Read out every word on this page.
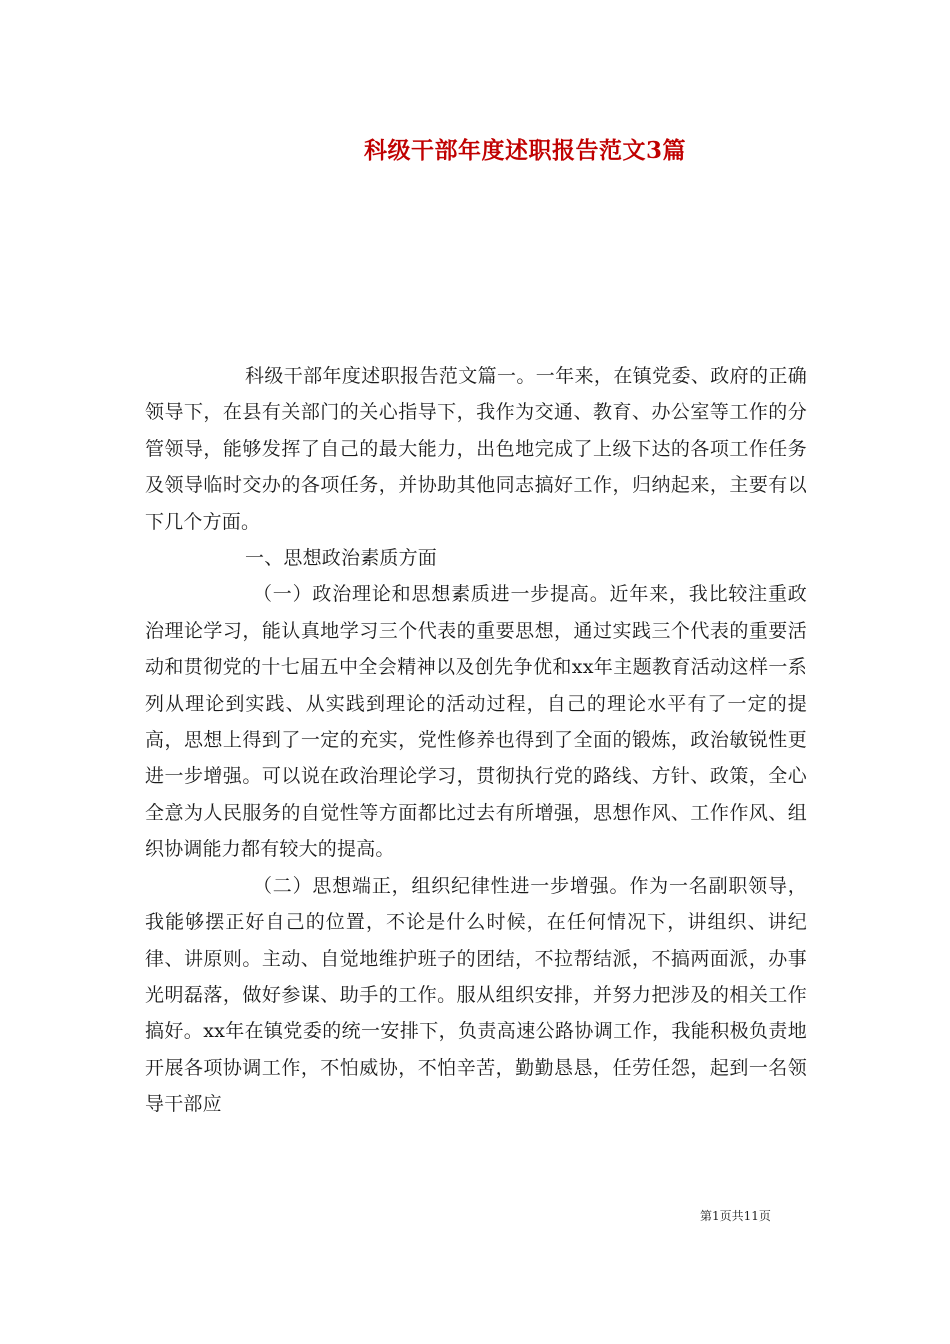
科级干部年度述职报告范文3篇

科级干部年度述职报告范文篇一。一年来，在镇党委、政府的正确领导下，在县有关部门的关心指导下，我作为交通、教育、办公室等工作的分管领导，能够发挥了自己的最大能力，出色地完成了上级下达的各项工作任务及领导临时交办的各项任务，并协助其他同志搞好工作，归纳起来，主要有以下几个方面。

一、思想政治素质方面

（一）政治理论和思想素质进一步提高。近年来，我比较注重政治理论学习，能认真地学习三个代表的重要思想，通过实践三个代表的重要活动和贯彻党的十七届五中全会精神以及创先争优和xx年主题教育活动这样一系列从理论到实践、从实践到理论的活动过程，自己的理论水平有了一定的提高，思想上得到了一定的充实，党性修养也得到了全面的锻炼，政治敏锐性更进一步增强。可以说在政治理论学习，贯彻执行党的路线、方针、政策，全心全意为人民服务的自觉性等方面都比过去有所增强，思想作风、工作作风、组织协调能力都有较大的提高。

（二）思想端正，组织纪律性进一步增强。作为一名副职领导，我能够摆正好自己的位置，不论是什么时候，在任何情况下，讲组织、讲纪律、讲原则。主动、自觉地维护班子的团结，不拉帮结派，不搞两面派，办事光明磊落，做好参谋、助手的工作。服从组织安排，并努力把涉及的相关工作搞好。xx年在镇党委的统一安排下，负责高速公路协调工作，我能积极负责地开展各项协调工作，不怕威协，不怕辛苦，勤勤恳恳，任劳任怨，起到一名领导干部应

第1页共11页
